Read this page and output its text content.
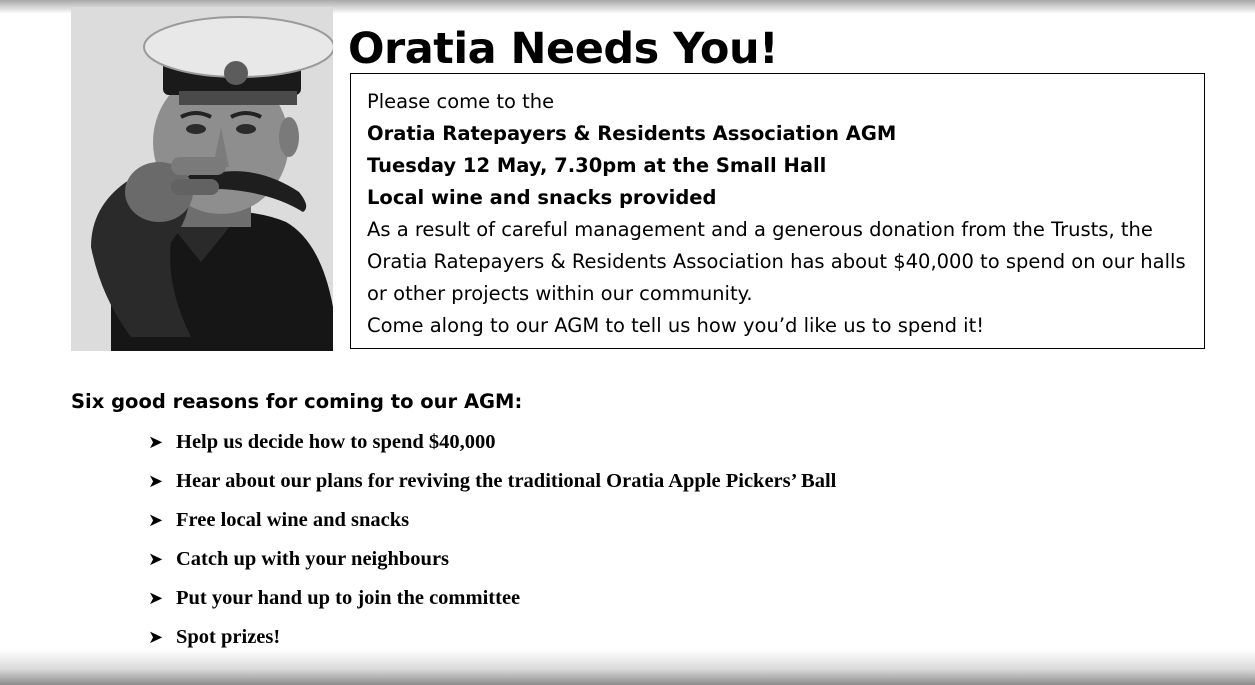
Oratia Needs You!

Please come to the

Oratia Ratepayers & Residents Association AGM

Tuesday 12 May, 7.30pm at the Small Hall

Local wine and snacks provided

As a result of careful management and a generous donation from the Trusts, the Oratia Ratepayers & Residents Association has about $40,000 to spend on our halls or other projects within our community.

Come along to our AGM to tell us how you’d like us to spend it!

Six good reasons for coming to our AGM:
➤ Help us decide how to spend $40,000
➤ Hear about our plans for reviving the traditional Oratia Apple Pickers’ Ball
➤ Free local wine and snacks
➤ Catch up with your neighbours
➤ Put your hand up to join the committee
➤ Spot prizes!
